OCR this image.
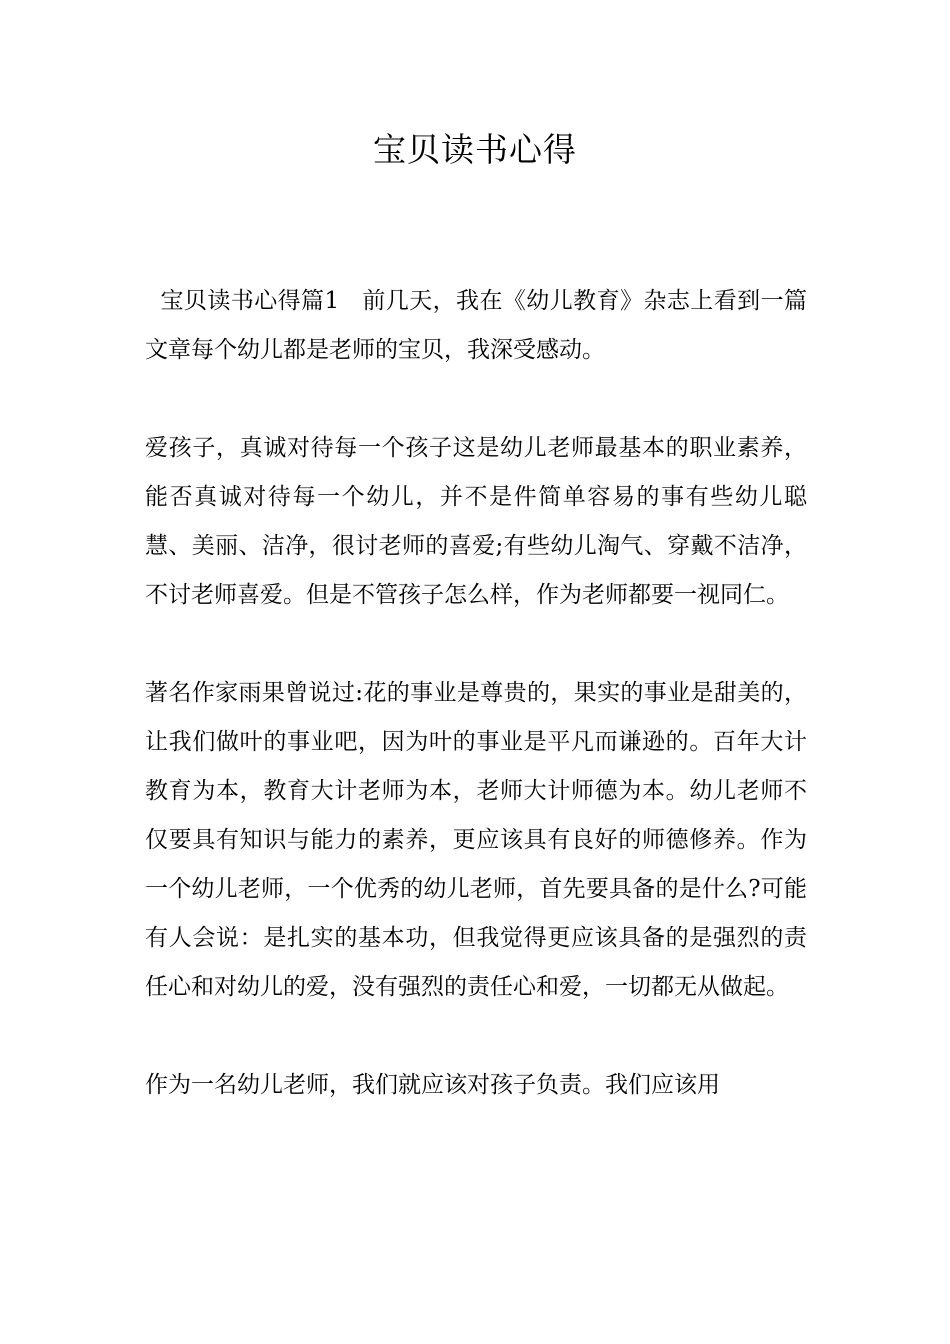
宝贝读书心得

宝贝读书心得篇1   前几天，我在《幼儿教育》杂志上看到一篇文章每个幼儿都是老师的宝贝，我深受感动。

爱孩子，真诚对待每一个孩子这是幼儿老师最基本的职业素养，能否真诚对待每一个幼儿，并不是件简单容易的事有些幼儿聪慧、美丽、洁净，很讨老师的喜爱;有些幼儿淘气、穿戴不洁净，不讨老师喜爱。但是不管孩子怎么样，作为老师都要一视同仁。

著名作家雨果曾说过:花的事业是尊贵的，果实的事业是甜美的，让我们做叶的事业吧，因为叶的事业是平凡而谦逊的。百年大计教育为本，教育大计老师为本，老师大计师德为本。幼儿老师不仅要具有知识与能力的素养，更应该具有良好的师德修养。作为一个幼儿老师，一个优秀的幼儿老师，首先要具备的是什么?可能有人会说：是扎实的基本功，但我觉得更应该具备的是强烈的责任心和对幼儿的爱，没有强烈的责任心和爱，一切都无从做起。

作为一名幼儿老师，我们就应该对孩子负责。我们应该用
